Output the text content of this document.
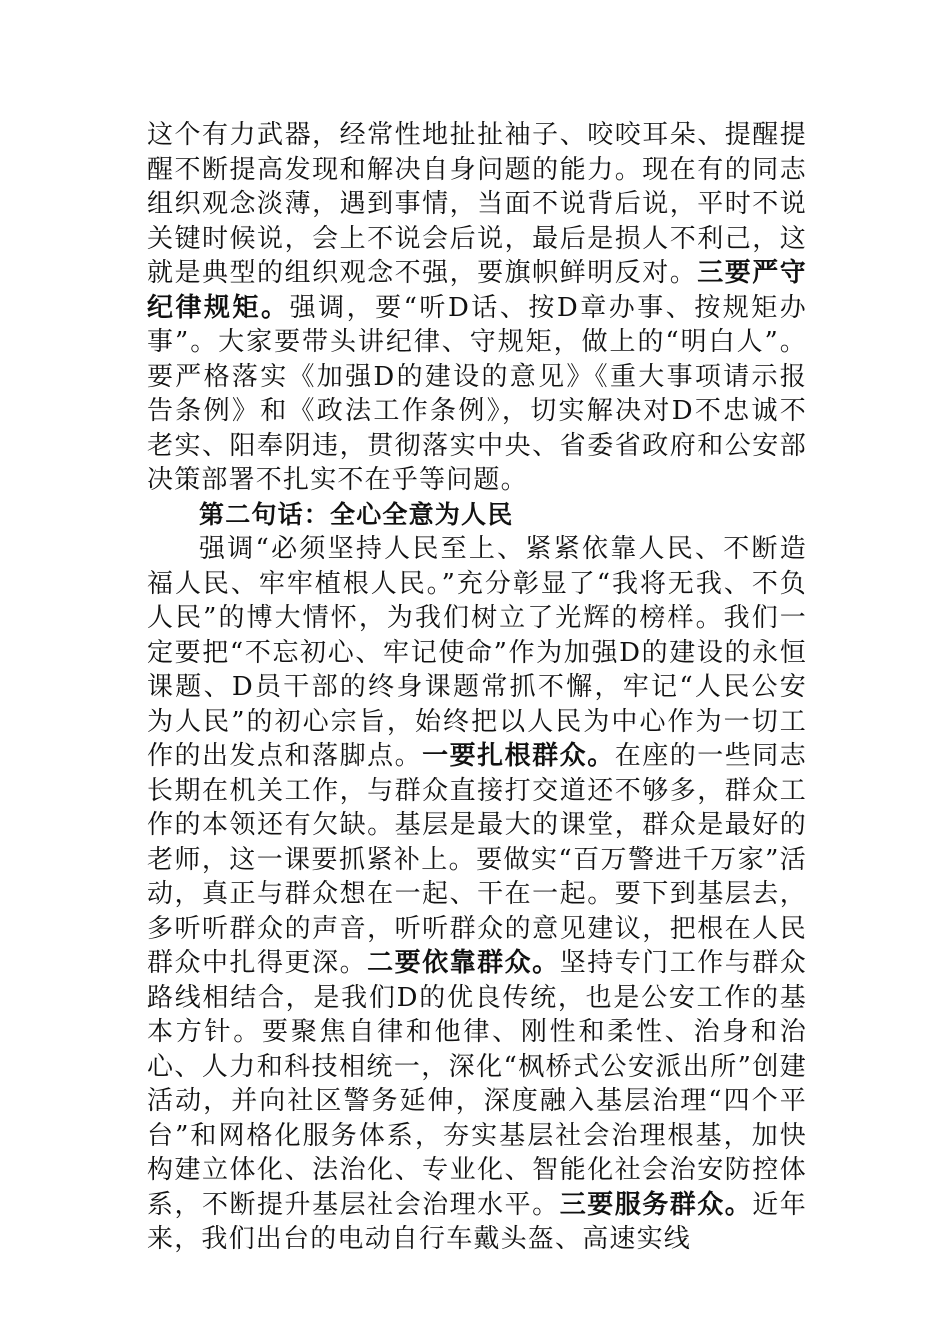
这个有力武器，经常性地扯扯袖子、咬咬耳朵、提醒提醒不断提高发现和解决自身问题的能力。现在有的同志组织观念淡薄，遇到事情，当面不说背后说，平时不说关键时候说，会上不说会后说，最后是损人不利己，这就是典型的组织观念不强，要旗帜鲜明反对。三要严守纪律规矩。强调，要“听D话、按D章办事、按规矩办事”。大家要带头讲纪律、守规矩，做上的“明白人”。要严格落实《加强D的建设的意见》《重大事项请示报告条例》和《政法工作条例》，切实解决对D不忠诚不老实、阳奉阴违，贯彻落实中央、省委省政府和公安部决策部署不扎实不在乎等问题。

第二句话：全心全意为人民

强调“必须坚持人民至上、紧紧依靠人民、不断造福人民、牢牢植根人民。”充分彰显了“我将无我、不负人民”的博大情怀，为我们树立了光辉的榜样。我们一定要把“不忘初心、牢记使命”作为加强D的建设的永恒课题、D员干部的终身课题常抓不懈，牢记“人民公安为人民”的初心宗旨，始终把以人民为中心作为一切工作的出发点和落脚点。一要扎根群众。在座的一些同志长期在机关工作，与群众直接打交道还不够多，群众工作的本领还有欠缺。基层是最大的课堂，群众是最好的老师，这一课要抓紧补上。要做实“百万警进千万家”活动，真正与群众想在一起、干在一起。要下到基层去，多听听群众的声音，听听群众的意见建议，把根在人民群众中扎得更深。二要依靠群众。坚持专门工作与群众路线相结合，是我们D的优良传统，也是公安工作的基本方针。要聚焦自律和他律、刚性和柔性、治身和治心、人力和科技相统一，深化“枫桥式公安派出所”创建活动，并向社区警务延伸，深度融入基层治理“四个平台”和网格化服务体系，夯实基层社会治理根基，加快构建立体化、法治化、专业化、智能化社会治安防控体系，不断提升基层社会治理水平。三要服务群众。近年来，我们出台的电动自行车戴头盔、高速实线
